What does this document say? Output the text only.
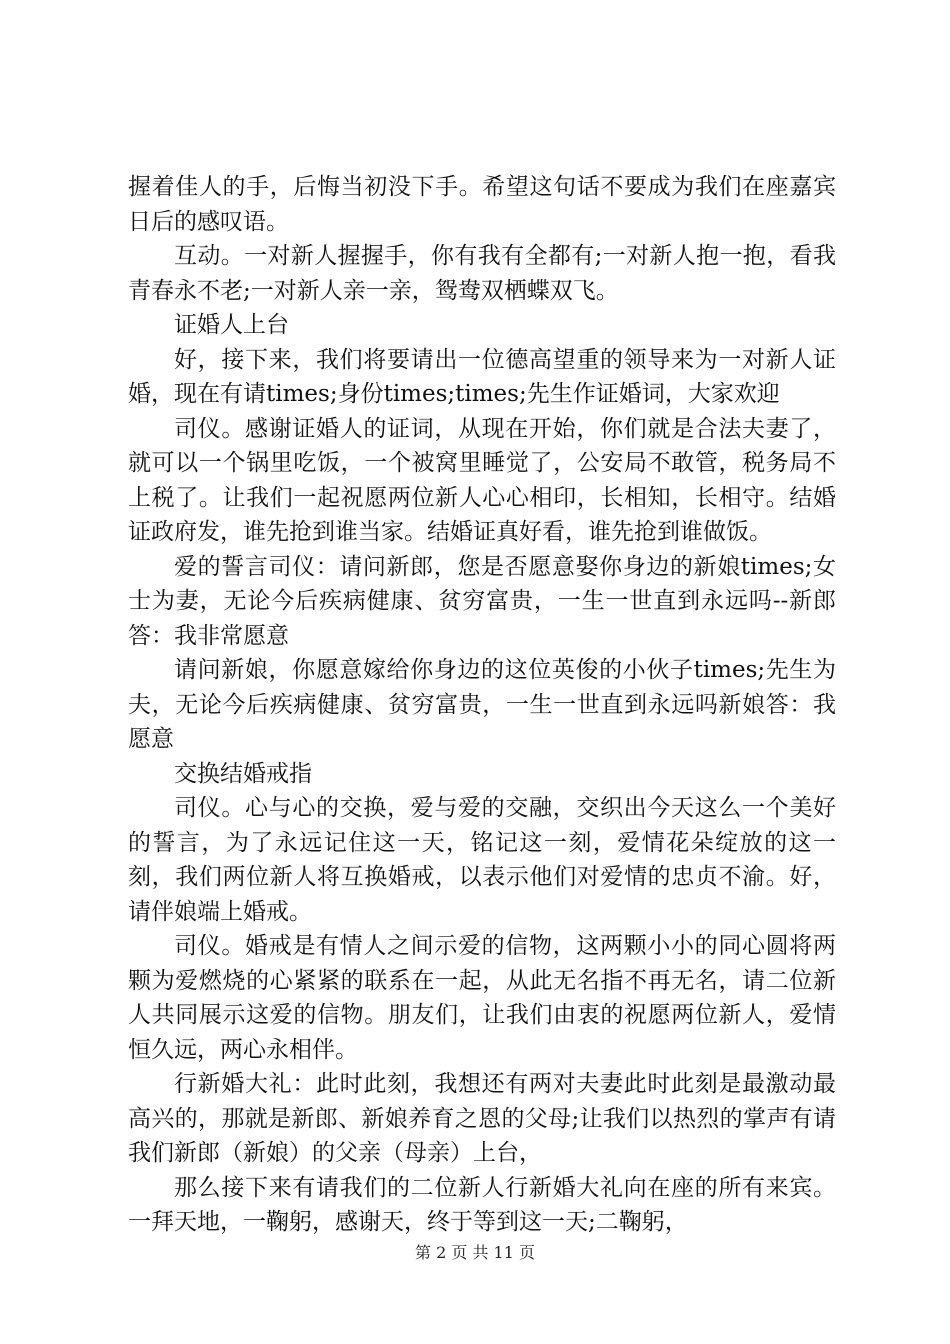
握着佳人的手，后悔当初没下手。希望这句话不要成为我们在座嘉宾日后的感叹语。

互动。一对新人握握手，你有我有全都有;一对新人抱一抱，看我青春永不老;一对新人亲一亲，鸳鸯双栖蝶双飞。

证婚人上台

好，接下来，我们将要请出一位德高望重的领导来为一对新人证婚，现在有请times;身份times;times;先生作证婚词，大家欢迎

司仪。感谢证婚人的证词，从现在开始，你们就是合法夫妻了，就可以一个锅里吃饭，一个被窝里睡觉了，公安局不敢管，税务局不上税了。让我们一起祝愿两位新人心心相印，长相知，长相守。结婚证政府发，谁先抢到谁当家。结婚证真好看，谁先抢到谁做饭。

爱的誓言司仪：请问新郎，您是否愿意娶你身边的新娘times;女士为妻，无论今后疾病健康、贫穷富贵，一生一世直到永远吗--新郎答：我非常愿意

请问新娘，你愿意嫁给你身边的这位英俊的小伙子times;先生为夫，无论今后疾病健康、贫穷富贵，一生一世直到永远吗新娘答：我愿意

交换结婚戒指

司仪。心与心的交换，爱与爱的交融，交织出今天这么一个美好的誓言，为了永远记住这一天，铭记这一刻，爱情花朵绽放的这一刻，我们两位新人将互换婚戒，以表示他们对爱情的忠贞不渝。好，请伴娘端上婚戒。

司仪。婚戒是有情人之间示爱的信物，这两颗小小的同心圆将两颗为爱燃烧的心紧紧的联系在一起，从此无名指不再无名，请二位新人共同展示这爱的信物。朋友们，让我们由衷的祝愿两位新人，爱情恒久远，两心永相伴。

行新婚大礼：此时此刻，我想还有两对夫妻此时此刻是最激动最高兴的，那就是新郎、新娘养育之恩的父母;让我们以热烈的掌声有请我们新郎（新娘）的父亲（母亲）上台，

那么接下来有请我们的二位新人行新婚大礼向在座的所有来宾。一拜天地，一鞠躬，感谢天，终于等到这一天;二鞠躬，

第 2 页 共 11 页
